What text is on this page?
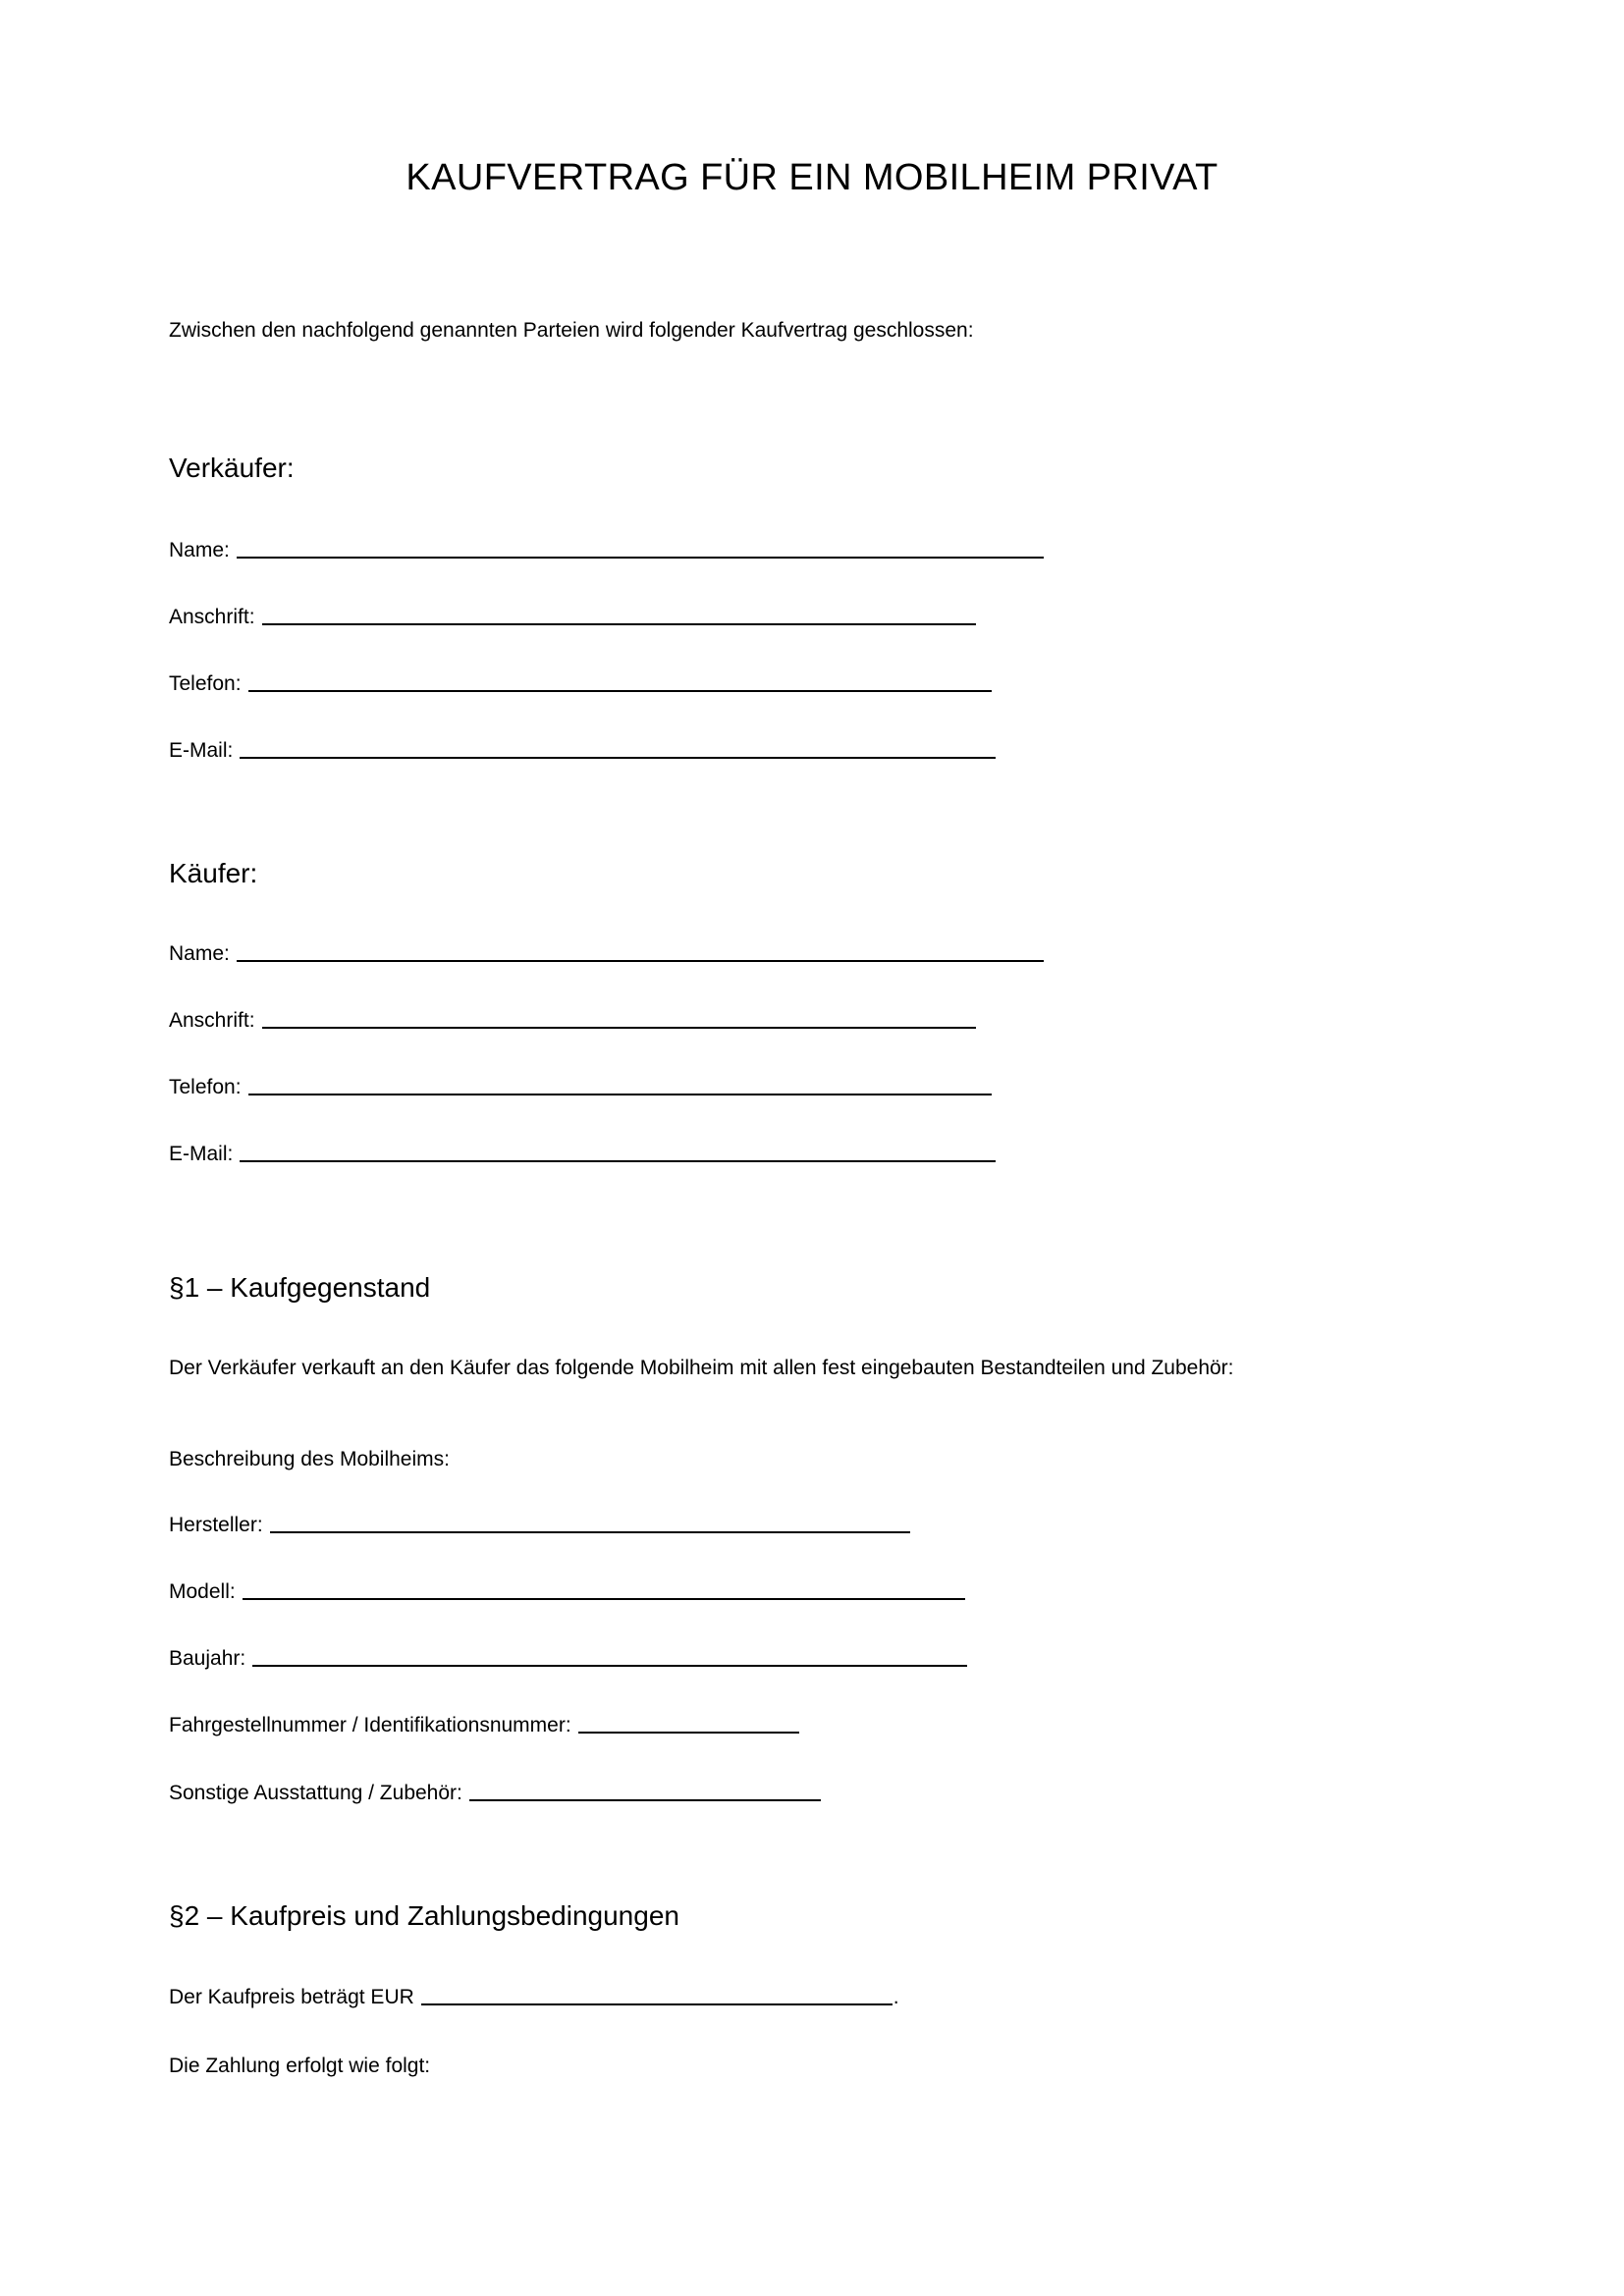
KAUFVERTRAG FÜR EIN MOBILHEIM PRIVAT
Zwischen den nachfolgend genannten Parteien wird folgender Kaufvertrag geschlossen:
Verkäufer:
Name:
Anschrift:
Telefon:
E-Mail:
Käufer:
Name:
Anschrift:
Telefon:
E-Mail:
§1 – Kaufgegenstand
Der Verkäufer verkauft an den Käufer das folgende Mobilheim mit allen fest eingebauten Bestandteilen und Zubehör:
Beschreibung des Mobilheims:
Hersteller:
Modell:
Baujahr:
Fahrgestellnummer / Identifikationsnummer:
Sonstige Ausstattung / Zubehör:
§2 – Kaufpreis und Zahlungsbedingungen
Der Kaufpreis beträgt EUR	.
Die Zahlung erfolgt wie folgt:
